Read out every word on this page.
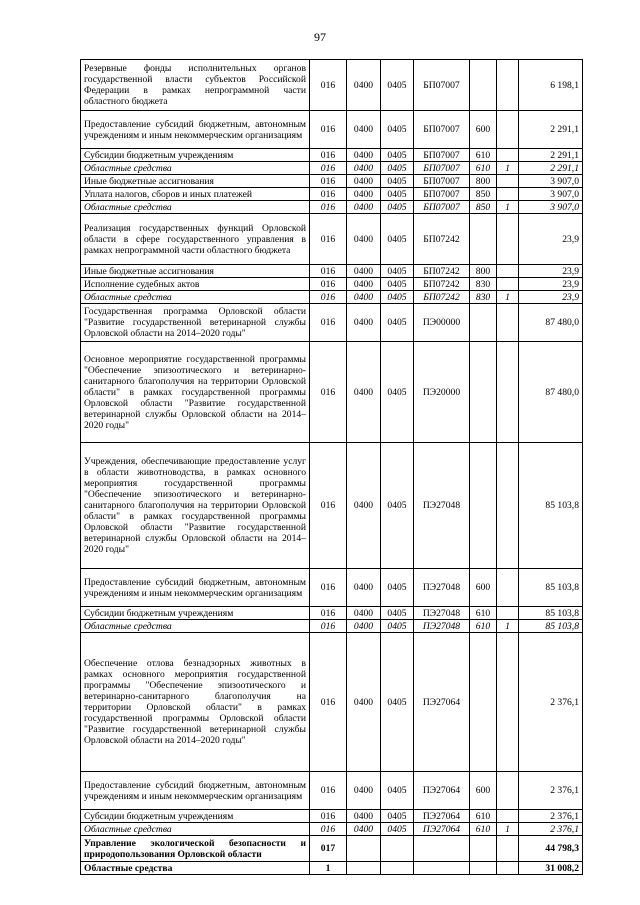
97
Резервные фонды исполнительных органов государственной власти субъектов Российской Федерации в рамках непрограммной части областного бюджета	016	0400	0405	БП07007			6 198,1
Предоставление субсидий бюджетным, автономным учреждениям и иным некоммерческим организациям	016	0400	0405	БП07007	600		2 291,1
Субсидии бюджетным учреждениям	016	0400	0405	БП07007	610		2 291,1
Областные средства	016	0400	0405	БП07007	610	1	2 291,1
Иные бюджетные ассигнования	016	0400	0405	БП07007	800		3 907,0
Уплата налогов, сборов и иных платежей	016	0400	0405	БП07007	850		3 907,0
Областные средства	016	0400	0405	БП07007	850	1	3 907,0
Реализация государственных функций Орловской области в сфере государственного управления в рамках непрограммной части областного бюджета	016	0400	0405	БП07242			23,9
Иные бюджетные ассигнования	016	0400	0405	БП07242	800		23,9
Исполнение судебных актов	016	0400	0405	БП07242	830		23,9
Областные средства	016	0400	0405	БП07242	830	1	23,9
Государственная программа Орловской области "Развитие государственной ветеринарной службы Орловской области на 2014–2020 годы"	016	0400	0405	ПЭ00000			87 480,0
Основное мероприятие государственной программы "Обеспечение эпизоотического и ветеринарно-санитарного благополучия на территории Орловской области" в рамках государственной программы Орловской области "Развитие государственной ветеринарной службы Орловской области на 2014–2020 годы"	016	0400	0405	ПЭ20000			87 480,0
Учреждения, обеспечивающие предоставление услуг в области животноводства, в рамках основного мероприятия государственной программы "Обеспечение эпизоотического и ветеринарно-санитарного благополучия на территории Орловской области" в рамках государственной программы Орловской области "Развитие государственной ветеринарной службы Орловской области на 2014–2020 годы"	016	0400	0405	ПЭ27048			85 103,8
Предоставление субсидий бюджетным, автономным учреждениям и иным некоммерческим организациям	016	0400	0405	ПЭ27048	600		85 103,8
Субсидии бюджетным учреждениям	016	0400	0405	ПЭ27048	610		85 103,8
Областные средства	016	0400	0405	ПЭ27048	610	1	85 103,8
Обеспечение отлова безнадзорных животных в рамках основного мероприятия государственной программы "Обеспечение эпизоотического и ветеринарно-санитарного благополучия на территории Орловской области" в рамках государственной программы Орловской области "Развитие государственной ветеринарной службы Орловской области на 2014–2020 годы"	016	0400	0405	ПЭ27064			2 376,1
Предоставление субсидий бюджетным, автономным учреждениям и иным некоммерческим организациям	016	0400	0405	ПЭ27064	600		2 376,1
Субсидии бюджетным учреждениям	016	0400	0405	ПЭ27064	610		2 376,1
Областные средства	016	0400	0405	ПЭ27064	610	1	2 376,1
Управление экологической безопасности и природопользования Орловской области	017						44 798,3
Областные средства	1						31 008,2
